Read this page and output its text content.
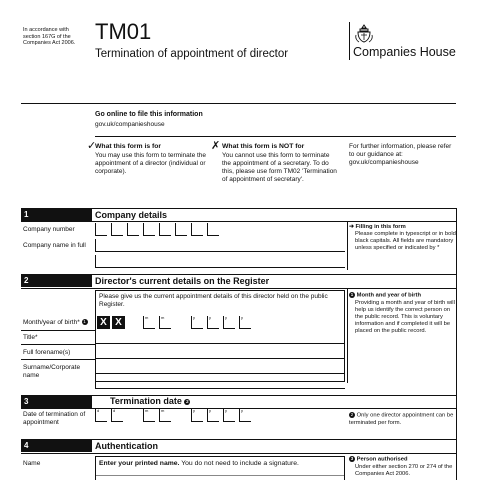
In accordance with section 167G of the Companies Act 2006. TM01
Termination of appointment of director	Companies House
Go online to file this information
gov.uk/companieshouse
✓
What this form is for
You may use this form to terminate the appointment of a director (individual or corporate).
✗ What this form is NOT for
You cannot use this form to terminate the appointment of a secretary. To do this, please use form TM02 'Termination of appointment of secretary'.
For further information, please refer to our guidance at: gov.uk/companieshouse
1	Company details
Company number
Company name in full
➜ Filling in this form
Please complete in typescript or in bold black capitals. All fields are mandatory unless specified or indicated by *
2	Director's current details on the Register
Please give us the current appointment details of this director held on the public Register.
Month/year of birth* 1	X X	m	m	y	y	y	y
Title*
Full forename(s)
Surname/Corporate name
1 Month and year of birth
Providing a month and year of birth will help us identify the correct person on the public record. This is voluntary information and if completed it will be placed on the public record.
3	Termination date 2
Date of termination of appointment
d	d	m	m	y	y	y	y
2 Only one director appointment can be terminated per form.
4	Authentication
Name	Enter your printed name. You do not need to include a signature.
3 Person authorised
Under either section 270 or 274 of the Companies Act 2006.
